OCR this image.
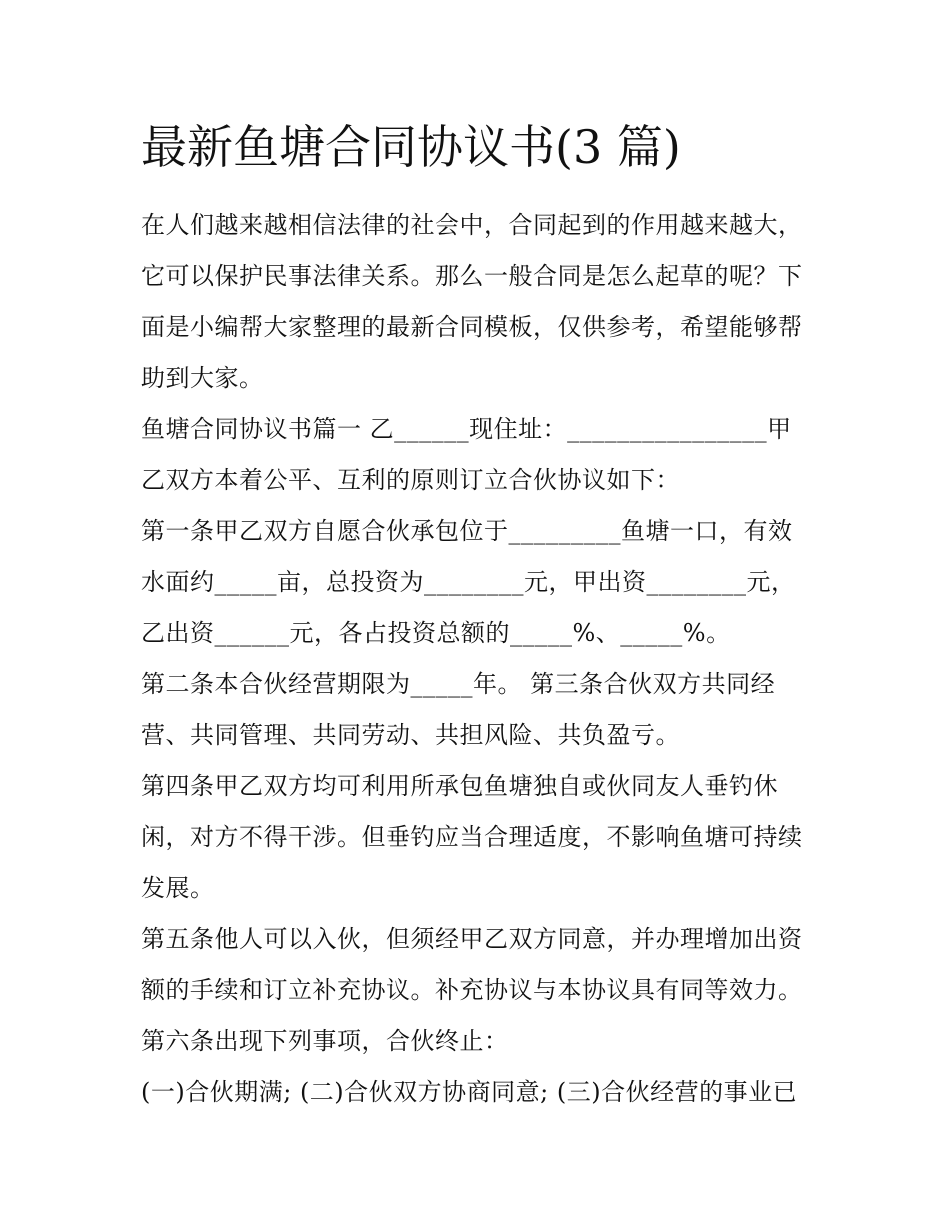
最新鱼塘合同协议书(3 篇)

在人们越来越相信法律的社会中，合同起到的作用越来越大，它可以保护民事法律关系。那么一般合同是怎么起草的呢？下面是小编帮大家整理的最新合同模板，仅供参考，希望能够帮助到大家。

鱼塘合同协议书篇一 乙______现住址：________________甲乙双方本着公平、互利的原则订立合伙协议如下：

第一条甲乙双方自愿合伙承包位于_________鱼塘一口，有效水面约_____亩，总投资为________元，甲出资________元，乙出资______元，各占投资总额的_____%、_____%。

第二条本合伙经营期限为_____年。 第三条合伙双方共同经营、共同管理、共同劳动、共担风险、共负盈亏。

第四条甲乙双方均可利用所承包鱼塘独自或伙同友人垂钓休闲，对方不得干涉。但垂钓应当合理适度，不影响鱼塘可持续发展。

第五条他人可以入伙，但须经甲乙双方同意，并办理增加出资额的手续和订立补充协议。补充协议与本协议具有同等效力。

第六条出现下列事项，合伙终止：

(一)合伙期满; (二)合伙双方协商同意; (三)合伙经营的事业已
